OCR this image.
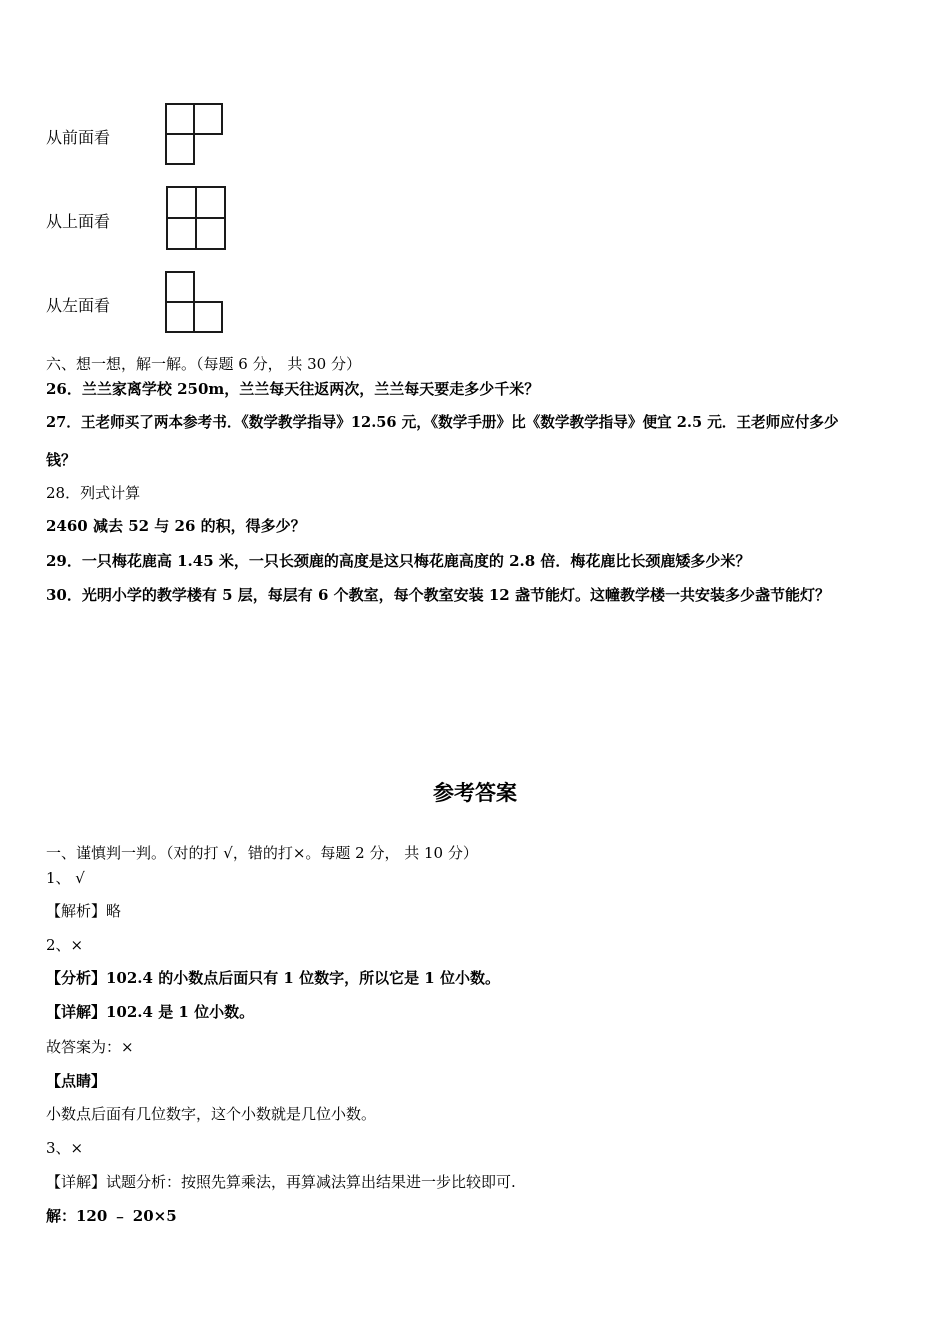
从前面看
从上面看
从左面看
六、想一想，解一解。（每题 6 分， 共 30 分）
26．兰兰家离学校 250m，兰兰每天往返两次，兰兰每天要走多少千米？
27．王老师买了两本参考书．《数学教学指导》12.56 元，《数学手册》比《数学教学指导》便宜 2.5 元．王老师应付多少
钱？
28．列式计算
2460 减去 52 与 26 的积，得多少？
29．一只梅花鹿高 1.45 米，一只长颈鹿的高度是这只梅花鹿高度的 2.8 倍．梅花鹿比长颈鹿矮多少米？
30．光明小学的教学楼有 5 层，每层有 6 个教室，每个教室安装 12 盏节能灯。这幢教学楼一共安装多少盏节能灯？
参考答案
一、谨慎判一判。（对的打 √，错的打×。每题 2 分， 共 10 分）
1、 √
【解析】略
2、×
【分析】102.4 的小数点后面只有 1 位数字，所以它是 1 位小数。
【详解】102.4 是 1 位小数。
故答案为：×
【点睛】
小数点后面有几位数字，这个小数就是几位小数。
3、×
【详解】试题分析：按照先算乘法，再算减法算出结果进一步比较即可.
解：120 ﹣ 20×5
